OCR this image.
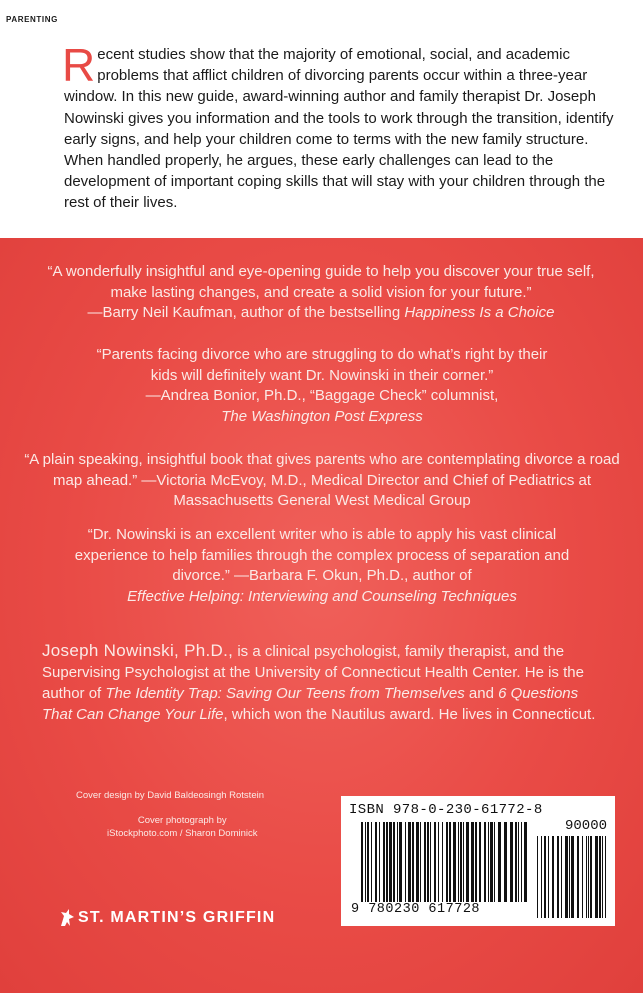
PARENTING
Recent studies show that the majority of emotional, social, and academic problems that afflict children of divorcing parents occur within a three-year window. In this new guide, award-winning author and family therapist Dr. Joseph Nowinski gives you information and the tools to work through the transition, identify early signs, and help your children come to terms with the new family structure. When handled properly, he argues, these early challenges can lead to the development of important coping skills that will stay with your children through the rest of their lives.
“A wonderfully insightful and eye-opening guide to help you discover your true self, make lasting changes, and create a solid vision for your future.”
—Barry Neil Kaufman, author of the bestselling Happiness Is a Choice
“Parents facing divorce who are struggling to do what’s right by their kids will definitely want Dr. Nowinski in their corner.”
—Andrea Bonior, Ph.D., “Baggage Check” columnist,
The Washington Post Express
“A plain speaking, insightful book that gives parents who are contemplating divorce a road map ahead.” —Victoria McEvoy, M.D., Medical Director and Chief of Pediatrics at Massachusetts General West Medical Group
“Dr. Nowinski is an excellent writer who is able to apply his vast clinical experience to help families through the complex process of separation and divorce.” —Barbara F. Okun, Ph.D., author of
Effective Helping: Interviewing and Counseling Techniques
Joseph Nowinski, Ph.D., is a clinical psychologist, family therapist, and the Supervising Psychologist at the University of Connecticut Health Center. He is the author of The Identity Trap: Saving Our Teens from Themselves and 6 Questions That Can Change Your Life, which won the Nautilus award. He lives in Connecticut.
Cover design by David Baldeosingh Rotstein
Cover photograph by
iStockphoto.com / Sharon Dominick
ISBN 978-0-230-61772-8
90000
9 780230 617728
ST. MARTIN’S GRIFFIN
